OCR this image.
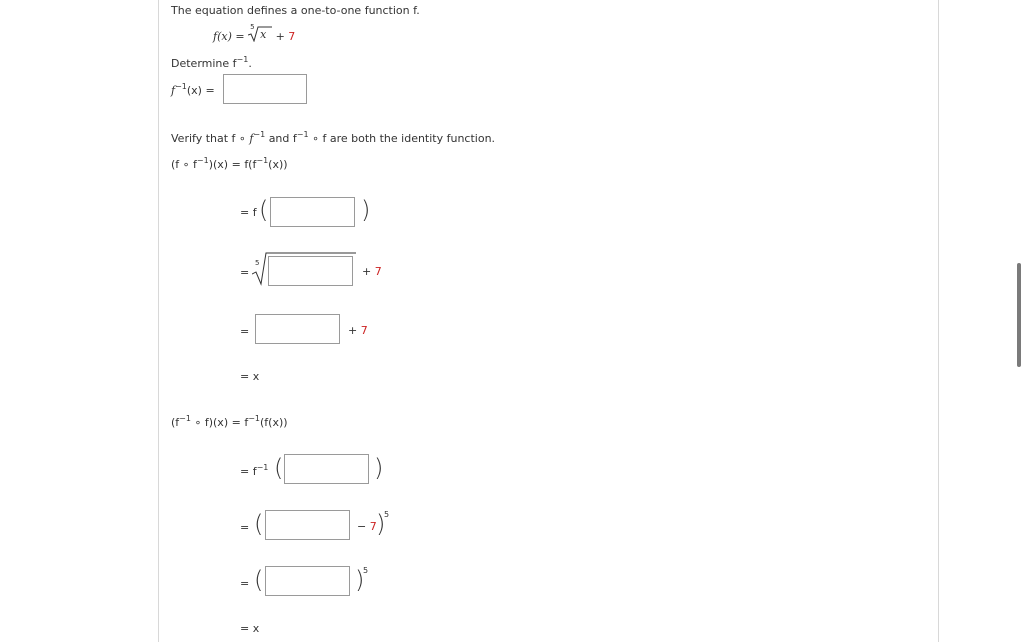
The equation defines a one-to-one function f.
f(x) =
5
x + 7
Determine $f^{-1}$.
$f^{-1}(x)$ =
Verify that f ∘ $f^{-1}$ and $f^{-1}$ ∘ f are both the identity function.
(f ∘ $f^{-1})(x) = f(f^{-1}(x))$
= f (	)
=
5
+ 7
=	+ 7
= x
($f^{-1}$ ∘ $f)(x) = f^{-1}(f(x))$
= $f^{-1}$ (	)
= (	− 7 )
5
= (	)
5
= x
